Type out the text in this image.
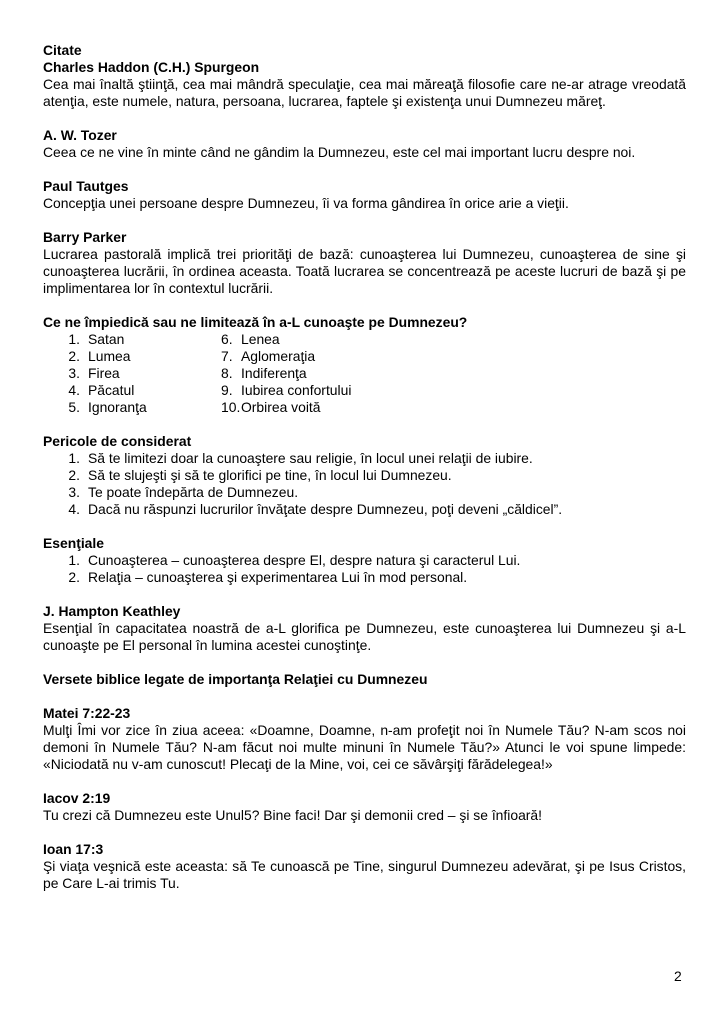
Citate
Charles Haddon (C.H.) Spurgeon
Cea mai înaltă ştiinţă, cea mai mândră speculaţie, cea mai măreaţă filosofie care ne-ar atrage vreodată atenţia, este numele, natura, persoana, lucrarea, faptele şi existenţa unui Dumnezeu măreţ.
A. W. Tozer
Ceea ce ne vine în minte când ne gândim la Dumnezeu, este cel mai important lucru despre noi.
Paul Tautges
Concepţia unei persoane despre Dumnezeu, îi va forma gândirea în orice arie a vieţii.
Barry Parker
Lucrarea pastorală implică trei priorităţi de bază: cunoaşterea lui Dumnezeu, cunoaşterea de sine şi cunoaşterea lucrării, în ordinea aceasta. Toată lucrarea se concentrează pe aceste lucruri de bază şi pe implimentarea lor în contextul lucrării.
Ce ne împiedică sau ne limitează în a-L cunoaşte pe Dumnezeu?
1. Satan
2. Lumea
3. Firea
4. Păcatul
5. Ignoranţa
6. Lenea
7. Aglomeraţia
8. Indiferenţa
9. Iubirea confortului
10. Orbirea voită
Pericole de considerat
1. Să te limitezi doar la cunoaştere sau religie, în locul unei relaţii de iubire.
2. Să te slujeşti şi să te glorifici pe tine, în locul lui Dumnezeu.
3. Te poate îndepărta de Dumnezeu.
4. Dacă nu răspunzi lucrurilor învăţate despre Dumnezeu, poţi deveni „căldicel”.
Esenţiale
1. Cunoaşterea – cunoaşterea despre El, despre natura şi caracterul Lui.
2. Relaţia – cunoaşterea şi experimentarea Lui în mod personal.
J. Hampton Keathley
Esenţial în capacitatea noastră de a-L glorifica pe Dumnezeu, este cunoaşterea lui Dumnezeu şi a-L cunoaşte pe El personal în lumina acestei cunoştinţe.
Versete biblice legate de importanţa Relaţiei cu Dumnezeu
Matei 7:22-23
Mulţi Îmi vor zice în ziua aceea: «Doamne, Doamne, n-am profeţit noi în Numele Tău? N-am scos noi demoni în Numele Tău? N-am făcut noi multe minuni în Numele Tău?» Atunci le voi spune limpede: «Niciodată nu v-am cunoscut! Plecaţi de la Mine, voi, cei ce săvârşiţi fărădelegea!»
Iacov 2:19
Tu crezi că Dumnezeu este Unul5? Bine faci! Dar şi demonii cred – şi se înfioară!
Ioan 17:3
Şi viaţa veşnică este aceasta: să Te cunoască pe Tine, singurul Dumnezeu adevărat, şi pe Isus Cristos, pe Care L-ai trimis Tu.
2
